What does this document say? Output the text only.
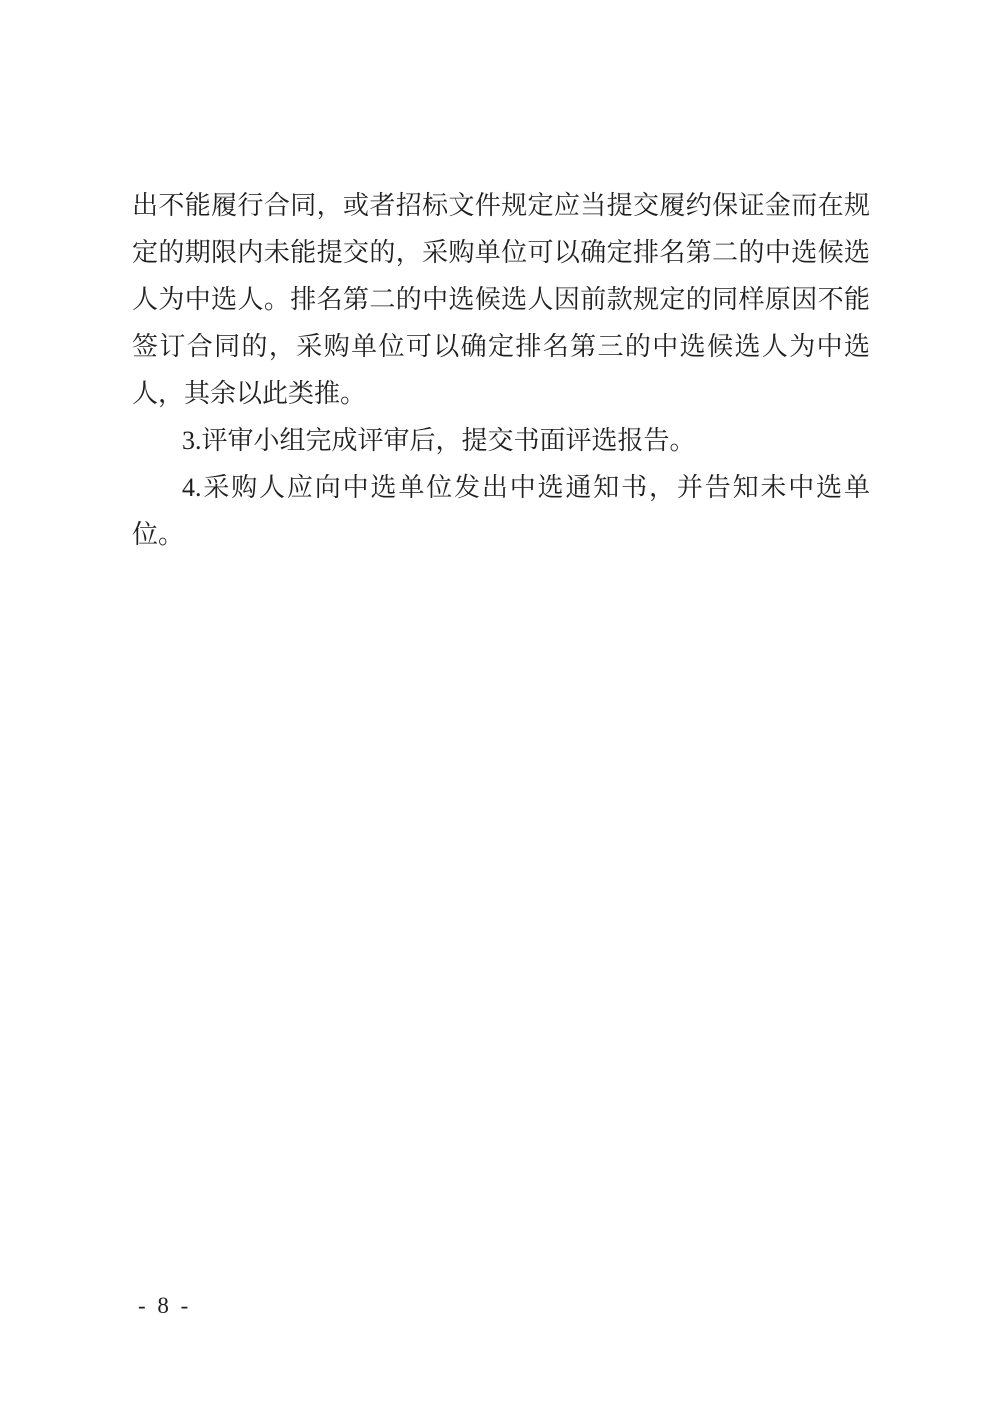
出不能履行合同，或者招标文件规定应当提交履约保证金而在规
定的期限内未能提交的，采购单位可以确定排名第二的中选候选
人为中选人。排名第二的中选候选人因前款规定的同样原因不能
签订合同的，采购单位可以确定排名第三的中选候选人为中选
人，其余以此类推。
3.评审小组完成评审后，提交书面评选报告。
4.采购人应向中选单位发出中选通知书，并告知未中选单
位。
- 8 -
